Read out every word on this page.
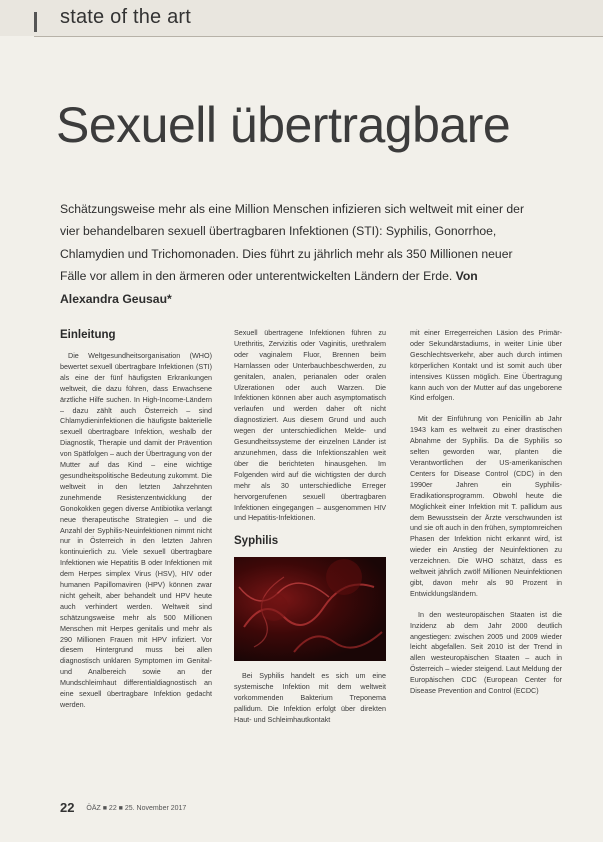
state of the art
Sexuell übertragbare
Schätzungsweise mehr als eine Million Menschen infizieren sich weltweit mit einer der vier behandelbaren sexuell übertragbaren Infektionen (STI): Syphilis, Gonorrhoe, Chlamydien und Trichomonaden. Dies führt zu jährlich mehr als 350 Millionen neuer Fälle vor allem in den ärmeren oder unterentwickelten Ländern der Erde. Von Alexandra Geusau*
Einleitung

Die Weltgesundheitsorganisation (WHO) bewertet sexuell übertragbare Infektionen (STI) als eine der fünf häufigsten Erkrankungen weltweit, die dazu führen, dass Erwachsene ärztliche Hilfe suchen. In High-Income-Ländern – dazu zählt auch Österreich – sind Chlamydieninfektionen die häufigste bakterielle sexuell übertragbare Infektion, weshalb der Diagnostik, Therapie und damit der Prävention von Spätfolgen – auch der Übertragung von der Mutter auf das Kind – eine wichtige gesundheitspolitische Bedeutung zukommt. Die weltweit in den letzten Jahrzehnten zunehmende Resistenzentwicklung der Gonokokken gegen diverse Antibiotika verlangt neue therapeutische Strategien – und die Anzahl der Syphilis-Neuinfektionen nimmt nicht nur in Österreich in den letzten Jahren kontinuierlich zu. Viele sexuell übertragbare Infektionen wie Hepatitis B oder Infektionen mit dem Herpes simplex Virus (HSV), HIV oder humanen Papillomaviren (HPV) können zwar nicht geheilt, aber behandelt und HPV heute auch verhindert werden. Weltweit sind schätzungsweise mehr als 500 Millionen Menschen mit Herpes genitalis und mehr als 290 Millionen Frauen mit HPV infiziert. Vor diesem Hintergrund muss bei allen diagnostisch unklaren Symptomen im Genital- und Analbereich sowie an der Mundschleimhaut differentialdiagnostisch an eine sexuell übertragbare Infektion gedacht werden.

Sexuell übertragene Infektionen führen zu Urethritis, Zervizitis oder Vaginitis, urethralem oder vaginalem Fluor, Brennen beim Harnlassen oder Unterbauchbeschwerden, zu genitalen, analen, perianalen oder oralen Ulzerationen oder auch Warzen. Die Infektionen können aber auch asymptomatisch verlaufen und werden daher oft nicht diagnostiziert. Aus diesem Grund und auch wegen der unterschiedlichen Melde- und Gesundheitssysteme der einzelnen Länder ist anzunehmen, dass die Infektionszahlen weit über die berichteten hinausgehen. Im Folgenden wird auf die wichtigsten der durch mehr als 30 unterschiedliche Erreger hervorgerufenen sexuell übertragbaren Infektionen eingegangen – ausgenommen HIV und Hepatitis-Infektionen.

Syphilis

Bei Syphilis handelt es sich um eine systemische Infektion mit dem weltweit vorkommenden Bakterium Treponema pallidum. Die Infektion erfolgt über direkten Haut- und Schleimhautkontakt

mit einer Erregerreichen Läsion des Primär- oder Sekundärstadiums, in weiter Linie über Geschlechtsverkehr, aber auch durch intimen körperlichen Kontakt und ist somit auch über intensives Küssen möglich. Eine Übertragung kann auch von der Mutter auf das ungeborene Kind erfolgen.

Mit der Einführung von Penicillin ab Jahr 1943 kam es weltweit zu einer drastischen Abnahme der Syphilis. Da die Syphilis so selten geworden war, planten die Verantwortlichen der US-amerikanischen Centers for Disease Control (CDC) in den 1990er Jahren ein Syphilis-Eradikationsprogramm. Obwohl heute die Möglichkeit einer Infektion mit T. pallidum aus dem Bewusstsein der Ärzte verschwunden ist und sie oft auch in den frühen, symptomreichen Phasen der Infektion nicht erkannt wird, ist wieder ein Anstieg der Neuinfektionen zu verzeichnen. Die WHO schätzt, dass es weltweit jährlich zwölf Millionen Neuinfektionen gibt, davon mehr als 90 Prozent in Entwicklungsländern.

In den westeuropäischen Staaten ist die Inzidenz ab dem Jahr 2000 deutlich angestiegen: zwischen 2005 und 2009 wieder leicht abgefallen. Seit 2010 ist der Trend in allen westeuropäischen Staaten – auch in Österreich – wieder steigend. Laut Meldung der Europäischen CDC (European Center for Disease Prevention and Control (ECDC)

22 ÖÄZ ■ 22 ■ 25. November 2017
